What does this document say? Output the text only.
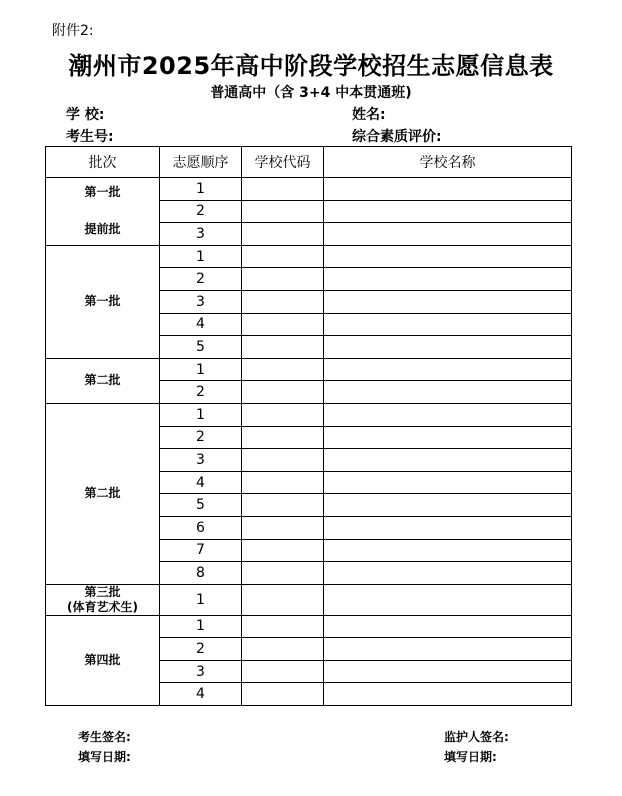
附件2:
潮州市2025年高中阶段学校招生志愿信息表
普通高中（含 3+4 中本贯通班)
学 校:	姓名:
考生号:	综合素质评价:
批次	志愿顺序	学校代码	学校名称

第一批
提前批	1		
	2		
	3		

第一批	1		
	2		
	3		
	4		
	5		

第二批	1		
	2		

第二批	1		
	2		
	3		
	4		
	5		
	6		
	7		
	8		

第三批
(体育艺术生)	1		

第四批	1		
	2		
	3		
	4		
考生签名:
填写日期:
监护人签名:
填写日期:
